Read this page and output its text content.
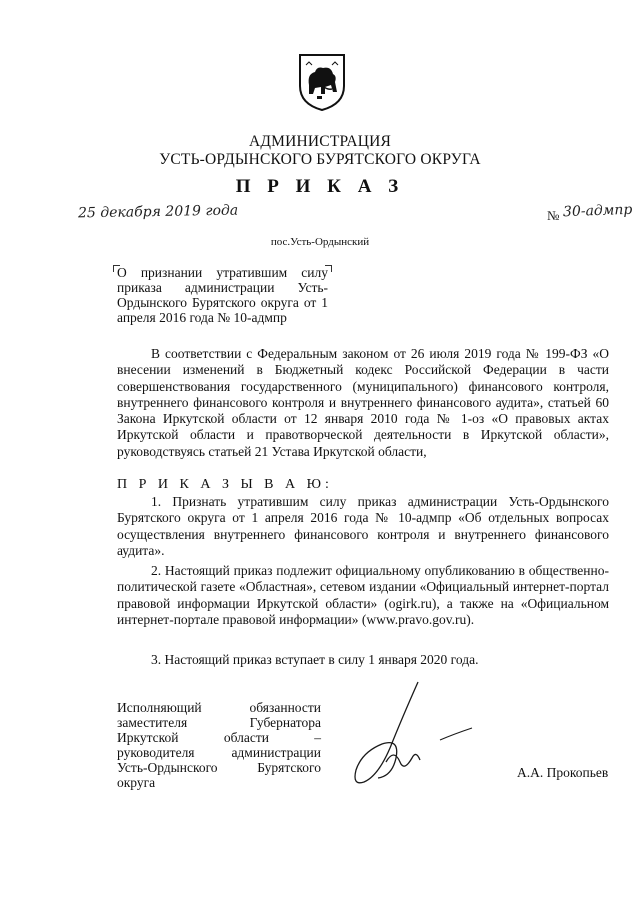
АДМИНИСТРАЦИЯ
УСТЬ-ОРДЫНСКОГО БУРЯТСКОГО ОКРУГА
П Р И К А З
25 декабря 2019 года	№ 30-адмпр
пос.Усть-Ордынский
О признании утратившим силу приказа администрации Усть-Ордынского Бурятского округа от 1 апреля 2016 года № 10-адмпр
В соответствии с Федеральным законом от 26 июля 2019 года № 199-ФЗ «О внесении изменений в Бюджетный кодекс Российской Федерации в части совершенствования государственного (муниципального) финансового контроля, внутреннего финансового контроля и внутреннего финансового аудита», статьей 60 Закона Иркутской области от 12 января 2010 года № 1-оз «О правовых актах Иркутской области и правотворческой деятельности в Иркутской области», руководствуясь статьей 21 Устава Иркутской области,
П Р И К А З Ы В А Ю:
1. Признать утратившим силу приказ администрации Усть-Ордынского Бурятского округа от 1 апреля 2016 года № 10-адмпр «Об отдельных вопросах осуществления внутреннего финансового контроля и внутреннего финансового аудита».
2. Настоящий приказ подлежит официальному опубликованию в общественно-политической газете «Областная», сетевом издании «Официальный интернет-портал правовой информации Иркутской области» (ogirk.ru), а также на «Официальном интернет-портале правовой информации» (www.pravo.gov.ru).
3. Настоящий приказ вступает в силу 1 января 2020 года.
Исполняющий обязанности
заместителя Губернатора
Иркутской области –
руководителя администрации
Усть-Ордынского Бурятского
округа
А.А. Прокопьев
